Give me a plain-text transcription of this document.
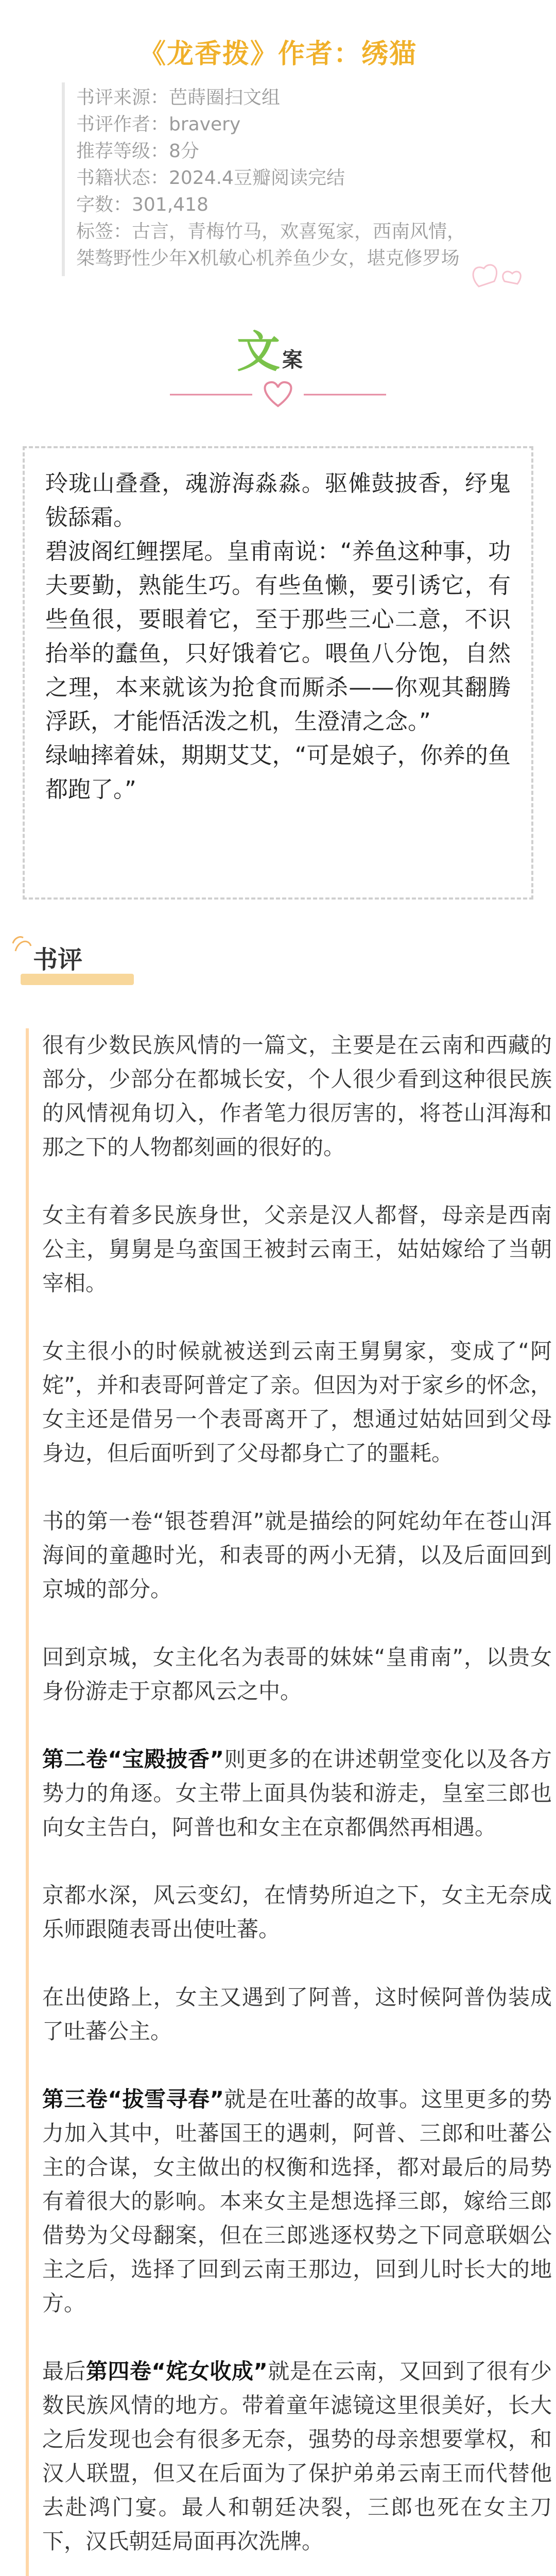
《龙香拨》作者：绣猫
书评来源：芭蒔圈扫文组
书评作者：bravery
推荐等级：8分
书籍状态：2024.4豆瓣阅读完结
字数：301,418
标签：古言，青梅竹马，欢喜冤家，西南风情，
桀骜野性少年X机敏心机养鱼少女，堪克修罗场
文案

玲珑山叠叠，魂游海淼淼。驱傩鼓披香，纾鬼钹舔霜。

碧波阁红鲤摆尾。皇甫南说：“养鱼这种事，功夫要勤，熟能生巧。有些鱼懒，要引诱它，有些鱼很，要眼着它，至于那些三心二意，不识抬举的蠢鱼，只好饿着它。喂鱼八分饱，自然之理，本来就该为抢食而厮杀——你观其翻腾浮跃，才能悟活泼之机，生澄清之念。”

绿岫摔着妹，期期艾艾，“可是娘子，你养的鱼都跑了。”

书评

很有少数民族风情的一篇文，主要是在云南和西藏的部分，少部分在都城长安，个人很少看到这种很民族的风情视角切入，作者笔力很厉害的，将苍山洱海和那之下的人物都刻画的很好的。

女主有着多民族身世，父亲是汉人都督，母亲是西南公主，舅舅是乌蛮国王被封云南王，姑姑嫁给了当朝宰相。

女主很小的时候就被送到云南王舅舅家，变成了“阿姹”，并和表哥阿普定了亲。但因为对于家乡的怀念，女主还是借另一个表哥离开了，想通过姑姑回到父母身边，但后面听到了父母都身亡了的噩耗。

书的第一卷“银苍碧洱”就是描绘的阿姹幼年在苍山洱海间的童趣时光，和表哥的两小无猜，以及后面回到京城的部分。

回到京城，女主化名为表哥的妹妹“皇甫南”，以贵女身份游走于京都风云之中。

第二卷“宝殿披香”则更多的在讲述朝堂变化以及各方势力的角逐。女主带上面具伪装和游走，皇室三郎也向女主告白，阿普也和女主在京都偶然再相遇。

京都水深，风云变幻，在情势所迫之下，女主无奈成乐师跟随表哥出使吐蕃。

在出使路上，女主又遇到了阿普，这时候阿普伪装成了吐蕃公主。

第三卷“拔雪寻春”就是在吐蕃的故事。这里更多的势力加入其中，吐蕃国王的遇刺，阿普、三郎和吐蕃公主的合谋，女主做出的权衡和选择，都对最后的局势有着很大的影响。本来女主是想选择三郎，嫁给三郎借势为父母翻案，但在三郎逃逐权势之下同意联姻公主之后，选择了回到云南王那边，回到儿时长大的地方。

最后第四卷“姹女收成”就是在云南，又回到了很有少数民族风情的地方。带着童年滤镜这里很美好，长大之后发现也会有很多无奈，强势的母亲想要掌权，和汉人联盟，但又在后面为了保护弟弟云南王而代替他去赴鸿门宴。最人和朝廷决裂，三郎也死在女主刀下，汉氏朝廷局面再次洗牌。
